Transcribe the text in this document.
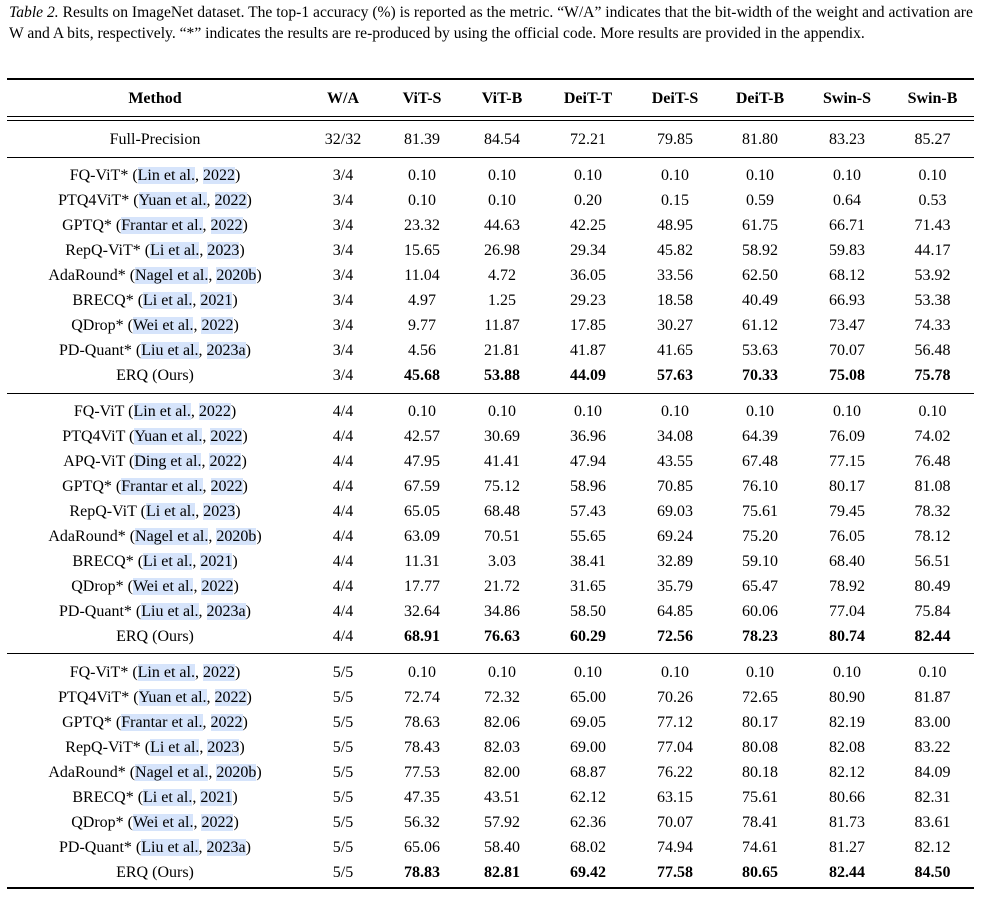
Table 2. Results on ImageNet dataset. The top-1 accuracy (%) is reported as the metric. “W/A” indicates that the bit-width of the weight and activation are W and A bits, respectively. “*” indicates the results are re-produced by using the official code. More results are provided in the appendix.
Method	W/A	ViT-S	ViT-B	DeiT-T	DeiT-S	DeiT-B	Swin-S	Swin-B
Full-Precision	32/32	81.39	84.54	72.21	79.85	81.80	83.23	85.27
FQ-ViT* (Lin et al., 2022)	3/4	0.10	0.10	0.10	0.10	0.10	0.10	0.10
PTQ4ViT* (Yuan et al., 2022)	3/4	0.10	0.10	0.20	0.15	0.59	0.64	0.53
GPTQ* (Frantar et al., 2022)	3/4	23.32	44.63	42.25	48.95	61.75	66.71	71.43
RepQ-ViT* (Li et al., 2023)	3/4	15.65	26.98	29.34	45.82	58.92	59.83	44.17
AdaRound* (Nagel et al., 2020b)	3/4	11.04	4.72	36.05	33.56	62.50	68.12	53.92
BRECQ* (Li et al., 2021)	3/4	4.97	1.25	29.23	18.58	40.49	66.93	53.38
QDrop* (Wei et al., 2022)	3/4	9.77	11.87	17.85	30.27	61.12	73.47	74.33
PD-Quant* (Liu et al., 2023a)	3/4	4.56	21.81	41.87	41.65	53.63	70.07	56.48
ERQ (Ours)	3/4	45.68	53.88	44.09	57.63	70.33	75.08	75.78
FQ-ViT (Lin et al., 2022)	4/4	0.10	0.10	0.10	0.10	0.10	0.10	0.10
PTQ4ViT (Yuan et al., 2022)	4/4	42.57	30.69	36.96	34.08	64.39	76.09	74.02
APQ-ViT (Ding et al., 2022)	4/4	47.95	41.41	47.94	43.55	67.48	77.15	76.48
GPTQ* (Frantar et al., 2022)	4/4	67.59	75.12	58.96	70.85	76.10	80.17	81.08
RepQ-ViT (Li et al., 2023)	4/4	65.05	68.48	57.43	69.03	75.61	79.45	78.32
AdaRound* (Nagel et al., 2020b)	4/4	63.09	70.51	55.65	69.24	75.20	76.05	78.12
BRECQ* (Li et al., 2021)	4/4	11.31	3.03	38.41	32.89	59.10	68.40	56.51
QDrop* (Wei et al., 2022)	4/4	17.77	21.72	31.65	35.79	65.47	78.92	80.49
PD-Quant* (Liu et al., 2023a)	4/4	32.64	34.86	58.50	64.85	60.06	77.04	75.84
ERQ (Ours)	4/4	68.91	76.63	60.29	72.56	78.23	80.74	82.44
FQ-ViT* (Lin et al., 2022)	5/5	0.10	0.10	0.10	0.10	0.10	0.10	0.10
PTQ4ViT* (Yuan et al., 2022)	5/5	72.74	72.32	65.00	70.26	72.65	80.90	81.87
GPTQ* (Frantar et al., 2022)	5/5	78.63	82.06	69.05	77.12	80.17	82.19	83.00
RepQ-ViT* (Li et al., 2023)	5/5	78.43	82.03	69.00	77.04	80.08	82.08	83.22
AdaRound* (Nagel et al., 2020b)	5/5	77.53	82.00	68.87	76.22	80.18	82.12	84.09
BRECQ* (Li et al., 2021)	5/5	47.35	43.51	62.12	63.15	75.61	80.66	82.31
QDrop* (Wei et al., 2022)	5/5	56.32	57.92	62.36	70.07	78.41	81.73	83.61
PD-Quant* (Liu et al., 2023a)	5/5	65.06	58.40	68.02	74.94	74.61	81.27	82.12
ERQ (Ours)	5/5	78.83	82.81	69.42	77.58	80.65	82.44	84.50
